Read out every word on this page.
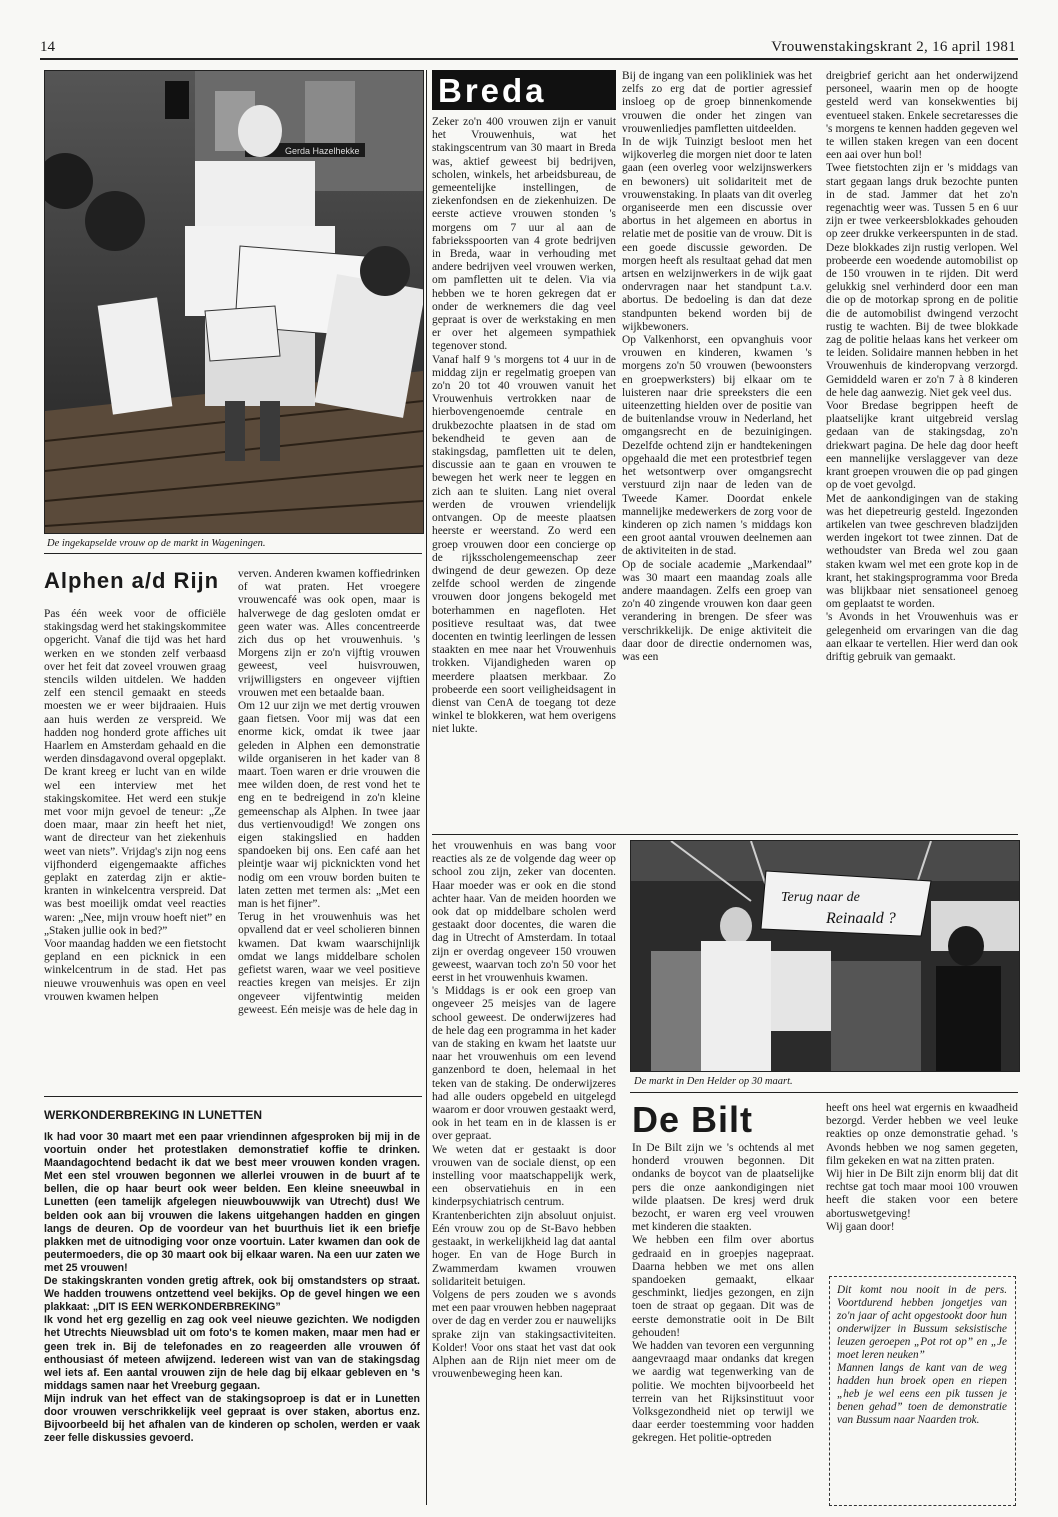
14	Vrouwenstakingskrant 2, 16 april 1981
Gerda Hazelhekke
De ingekapselde vrouw op de markt in Wageningen.
Alphen a/d Rijn
Pas één week voor de officiële stakingsdag werd het stakingskommitee opgericht. Vanaf die tijd was het hard werken en we stonden zelf verbaasd over het feit dat zoveel vrouwen graag stencils wilden uitdelen. We hadden zelf een stencil gemaakt en steeds moesten we er weer bijdraaien. Huis aan huis werden ze verspreid. We hadden nog honderd grote affiches uit Haarlem en Amsterdam gehaald en die werden dinsdagavond overal opgeplakt. De krant kreeg er lucht van en wilde wel een interview met het stakingskomitee. Het werd een stukje met voor mijn gevoel de teneur: „Ze doen maar, maar zin heeft het niet, want de directeur van het ziekenhuis weet van niets”. Vrijdag's zijn nog eens vijfhonderd eigengemaakte affiches geplakt en zaterdag zijn er aktie-kranten in winkelcentra verspreid. Dat was best moeilijk omdat veel reacties waren: „Nee, mijn vrouw hoeft niet” en „Staken jullie ook in bed?”
Voor maandag hadden we een fietstocht gepland en een picknick in een winkelcentrum in de stad. Het pas nieuwe vrouwenhuis was open en veel vrouwen kwamen helpen
verven. Anderen kwamen koffiedrinken of wat praten. Het vroegere vrouwencafé was ook open, maar is halverwege de dag gesloten omdat er geen water was. Alles concentreerde zich dus op het vrouwenhuis. 's Morgens zijn er zo'n vijftig vrouwen geweest, veel huisvrouwen, vrijwilligsters en ongeveer vijftien vrouwen met een betaalde baan.
Om 12 uur zijn we met dertig vrouwen gaan fietsen. Voor mij was dat een enorme kick, omdat ik twee jaar geleden in Alphen een demonstratie wilde organiseren in het kader van 8 maart. Toen waren er drie vrouwen die mee wilden doen, de rest vond het te eng en te bedreigend in zo'n kleine gemeenschap als Alphen. In twee jaar dus vertienvoudigd! We zongen ons eigen stakingslied en hadden spandoeken bij ons. Een café aan het pleintje waar wij picknickten vond het nodig om een vrouw borden buiten te laten zetten met termen als: „Met een man is het fijner”.
Terug in het vrouwenhuis was het opvallend dat er veel scholieren binnen kwamen. Dat kwam waarschijnlijk omdat we langs middelbare scholen gefietst waren, waar we veel positieve reacties kregen van meisjes. Er zijn ongeveer vijfentwintig meiden geweest. Eén meisje was de hele dag in
Breda
Zeker zo'n 400 vrouwen zijn er vanuit het Vrouwenhuis, wat het stakingscentrum van 30 maart in Breda was, aktief geweest bij bedrijven, scholen, winkels, het arbeidsbureau, de gemeentelijke instellingen, de ziekenfondsen en de ziekenhuizen. De eerste actieve vrouwen stonden 's morgens om 7 uur al aan de fabrieksspoorten van 4 grote bedrijven in Breda, waar in verhouding met andere bedrijven veel vrouwen werken, om pamfletten uit te delen. Via via hebben we te horen gekregen dat er onder de werknemers die dag veel gepraat is over de werkstaking en men er over het algemeen sympathiek tegenover stond.
Vanaf half 9 's morgens tot 4 uur in de middag zijn er regelmatig groepen van zo'n 20 tot 40 vrouwen vanuit het Vrouwenhuis vertrokken naar de hierbovengenoemde centrale en drukbezochte plaatsen in de stad om bekendheid te geven aan de stakingsdag, pamfletten uit te delen, discussie aan te gaan en vrouwen te bewegen het werk neer te leggen en zich aan te sluiten. Lang niet overal werden de vrouwen vriendelijk ontvangen. Op de meeste plaatsen heerste er weerstand. Zo werd een groep vrouwen door een concierge op de rijksscholengemeenschap zeer dwingend de deur gewezen. Op deze zelfde school werden de zingende vrouwen door jongens bekogeld met boterhammen en nagefloten. Het positieve resultaat was, dat twee docenten en twintig leerlingen de lessen staakten en mee naar het Vrouwenhuis trokken. Vijandigheden waren op meerdere plaatsen merkbaar. Zo probeerde een soort veiligheidsagent in dienst van CenA de toegang tot deze winkel te blokkeren, wat hem overigens niet lukte.
Bij de ingang van een polikliniek was het zelfs zo erg dat de portier agressief insloeg op de groep binnenkomende vrouwen die onder het zingen van vrouwenliedjes pamfletten uitdeelden.
In de wijk Tuinzigt besloot men het wijkoverleg die morgen niet door te laten gaan (een overleg voor welzijnswerkers en bewoners) uit solidariteit met de vrouwenstaking. In plaats van dit overleg organiseerde men een discussie over abortus in het algemeen en abortus in relatie met de positie van de vrouw. Dit is een goede discussie geworden. De morgen heeft als resultaat gehad dat men artsen en welzijnwerkers in de wijk gaat ondervragen naar het standpunt t.a.v. abortus. De bedoeling is dan dat deze standpunten bekend worden bij de wijkbewoners.
Op Valkenhorst, een opvanghuis voor vrouwen en kinderen, kwamen 's morgens zo'n 50 vrouwen (bewoonsters en groepwerksters) bij elkaar om te luisteren naar drie spreeksters die een uiteenzetting hielden over de positie van de buitenlandse vrouw in Nederland, het omgangsrecht en de bezuinigingen. Dezelfde ochtend zijn er handtekeningen opgehaald die met een protestbrief tegen het wetsontwerp over omgangsrecht verstuurd zijn naar de leden van de Tweede Kamer. Doordat enkele mannelijke medewerkers de zorg voor de kinderen op zich namen 's middags kon een groot aantal vrouwen deelnemen aan de aktiviteiten in de stad.
Op de sociale academie „Markendaal” was 30 maart een maandag zoals alle andere maandagen. Zelfs een groep van zo'n 40 zingende vrouwen kon daar geen verandering in brengen. De sfeer was verschrikkelijk. De enige aktiviteit die daar door de directie ondernomen was, was een
dreigbrief gericht aan het onderwijzend personeel, waarin men op de hoogte gesteld werd van konsekwenties bij eventueel staken. Enkele secretaresses die 's morgens te kennen hadden gegeven wel te willen staken kregen van een docent een aai over hun bol!
Twee fietstochten zijn er 's middags van start gegaan langs druk bezochte punten in de stad. Jammer dat het zo'n regenachtig weer was. Tussen 5 en 6 uur zijn er twee verkeersblokkades gehouden op zeer drukke verkeerspunten in de stad. Deze blokkades zijn rustig verlopen. Wel probeerde een woedende automobilist op de 150 vrouwen in te rijden. Dit werd gelukkig snel verhinderd door een man die op de motorkap sprong en de politie die de automobilist dwingend verzocht rustig te wachten. Bij de twee blokkade zag de politie helaas kans het verkeer om te leiden. Solidaire mannen hebben in het Vrouwenhuis de kinderopvang verzorgd. Gemiddeld waren er zo'n 7 à 8 kinderen de hele dag aanwezig. Niet gek veel dus.
Voor Bredase begrippen heeft de plaatselijke krant uitgebreid verslag gedaan van de stakingsdag, zo'n driekwart pagina. De hele dag door heeft een mannelijke verslaggever van deze krant groepen vrouwen die op pad gingen op de voet gevolgd.
Met de aankondigingen van de staking was het diepetreurig gesteld. Ingezonden artikelen van twee geschreven bladzijden werden ingekort tot twee zinnen. Dat de wethoudster van Breda wel zou gaan staken kwam wel met een grote kop in de krant, het stakingsprogramma voor Breda was blijkbaar niet sensationeel genoeg om geplaatst te worden.
's Avonds in het Vrouwenhuis was er gelegenheid om ervaringen van die dag aan elkaar te vertellen. Hier werd dan ook driftig gebruik van gemaakt.
het vrouwenhuis en was bang voor reacties als ze de volgende dag weer op school zou zijn, zeker van docenten. Haar moeder was er ook en die stond achter haar. Van de meiden hoorden we ook dat op middelbare scholen werd gestaakt door docentes, die waren die dag in Utrecht of Amsterdam. In totaal zijn er overdag ongeveer 150 vrouwen geweest, waarvan toch zo'n 50 voor het eerst in het vrouwenhuis kwamen.
's Middags is er ook een groep van ongeveer 25 meisjes van de lagere school geweest. De onderwijzeres had de hele dag een programma in het kader van de staking en kwam het laatste uur naar het vrouwenhuis om een levend ganzenbord te doen, helemaal in het teken van de staking. De onderwijzeres had alle ouders opgebeld en uitgelegd waarom er door vrouwen gestaakt werd, ook in het team en in de klassen is er over gepraat.
We weten dat er gestaakt is door vrouwen van de sociale dienst, op een instelling voor maatschappelijk werk, een observatiehuis en in een kinderpsychiatrisch centrum.
Krantenberichten zijn absoluut onjuist. Eén vrouw zou op de St-Bavo hebben gestaakt, in werkelijkheid lag dat aantal hoger. En van de Hoge Burch in Zwammerdam kwamen vrouwen solidariteit betuigen.
Volgens de pers zouden we s avonds met een paar vrouwen hebben nagepraat over de dag en verder zou er nauwelijks sprake zijn van stakingsactiviteiten. Kolder! Voor ons staat het vast dat ook Alphen aan de Rijn niet meer om de vrouwenbeweging heen kan.
Terug naar de
Reinaald ?
De markt in Den Helder op 30 maart.
WERKONDERBREKING IN LUNETTEN
Ik had voor 30 maart met een paar vriendinnen afgesproken bij mij in de voortuin onder het protestlaken demonstratief koffie te drinken. Maandagochtend bedacht ik dat we best meer vrouwen konden vragen. Met een stel vrouwen begonnen we allerlei vrouwen in de buurt af te bellen, die op haar beurt ook weer belden. Een kleine sneeuwbal in Lunetten (een tamelijk afgelegen nieuwbouwwijk van Utrecht) dus! We belden ook aan bij vrouwen die lakens uitgehangen hadden en gingen langs de deuren. Op de voordeur van het buurthuis liet ik een briefje plakken met de uitnodiging voor onze voortuin. Later kwamen dan ook de peutermoeders, die op 30 maart ook bij elkaar waren. Na een uur zaten we met 25 vrouwen!
De stakingskranten vonden gretig aftrek, ook bij omstandsters op straat. We hadden trouwens ontzettend veel bekijks. Op de gevel hingen we een plakkaat: „DIT IS EEN WERKONDERBREKING”
Ik vond het erg gezellig en zag ook veel nieuwe gezichten. We nodigden het Utrechts Nieuwsblad uit om foto's te komen maken, maar men had er geen trek in. Bij de telefonades en zo reageerden alle vrouwen óf enthousiast óf meteen afwijzend. Iedereen wist van van de stakingsdag wel iets af. Een aantal vrouwen zijn de hele dag bij elkaar gebleven en 's middags samen naar het Vreeburg gegaan.
Mijn indruk van het effect van de stakingsoproep is dat er in Lunetten door vrouwen verschrikkelijk veel gepraat is over staken, abortus enz. Bijvoorbeeld bij het afhalen van de kinderen op scholen, werden er vaak zeer felle diskussies gevoerd.
De Bilt
In De Bilt zijn we 's ochtends al met honderd vrouwen begonnen. Dit ondanks de boycot van de plaatselijke pers die onze aankondigingen niet wilde plaatsen. De kresj werd druk bezocht, er waren erg veel vrouwen met kinderen die staakten.
We hebben een film over abortus gedraaid en in groepjes nagepraat. Daarna hebben we met ons allen spandoeken gemaakt, elkaar geschminkt, liedjes gezongen, en zijn toen de straat op gegaan. Dit was de eerste demonstratie ooit in De Bilt gehouden!
We hadden van tevoren een vergunning aangevraagd maar ondanks dat kregen we aardig wat tegenwerking van de politie. We mochten bijvoorbeeld het terrein van het Rijksinstituut voor Volksgezondheid niet op terwijl we daar eerder toestemming voor hadden gekregen. Het politie-optreden
heeft ons heel wat ergernis en kwaadheid bezorgd. Verder hebben we veel leuke reakties op onze demonstratie gehad. 's Avonds hebben we nog samen gegeten, film gekeken en wat na zitten praten.
Wij hier in De Bilt zijn enorm blij dat dit rechtse gat toch maar mooi 100 vrouwen heeft die staken voor een betere abortuswetgeving!
Wij gaan door!
Dit komt nou nooit in de pers. Voortdurend hebben jongetjes van zo'n jaar of acht opgestookt door hun onderwijzer in Bussum seksistische leuzen geroepen „Pot rot op” en „Je moet leren neuken”
Mannen langs de kant van de weg hadden hun broek open en riepen „heb je wel eens een pik tussen je benen gehad” toen de demonstratie van Bussum naar Naarden trok.
